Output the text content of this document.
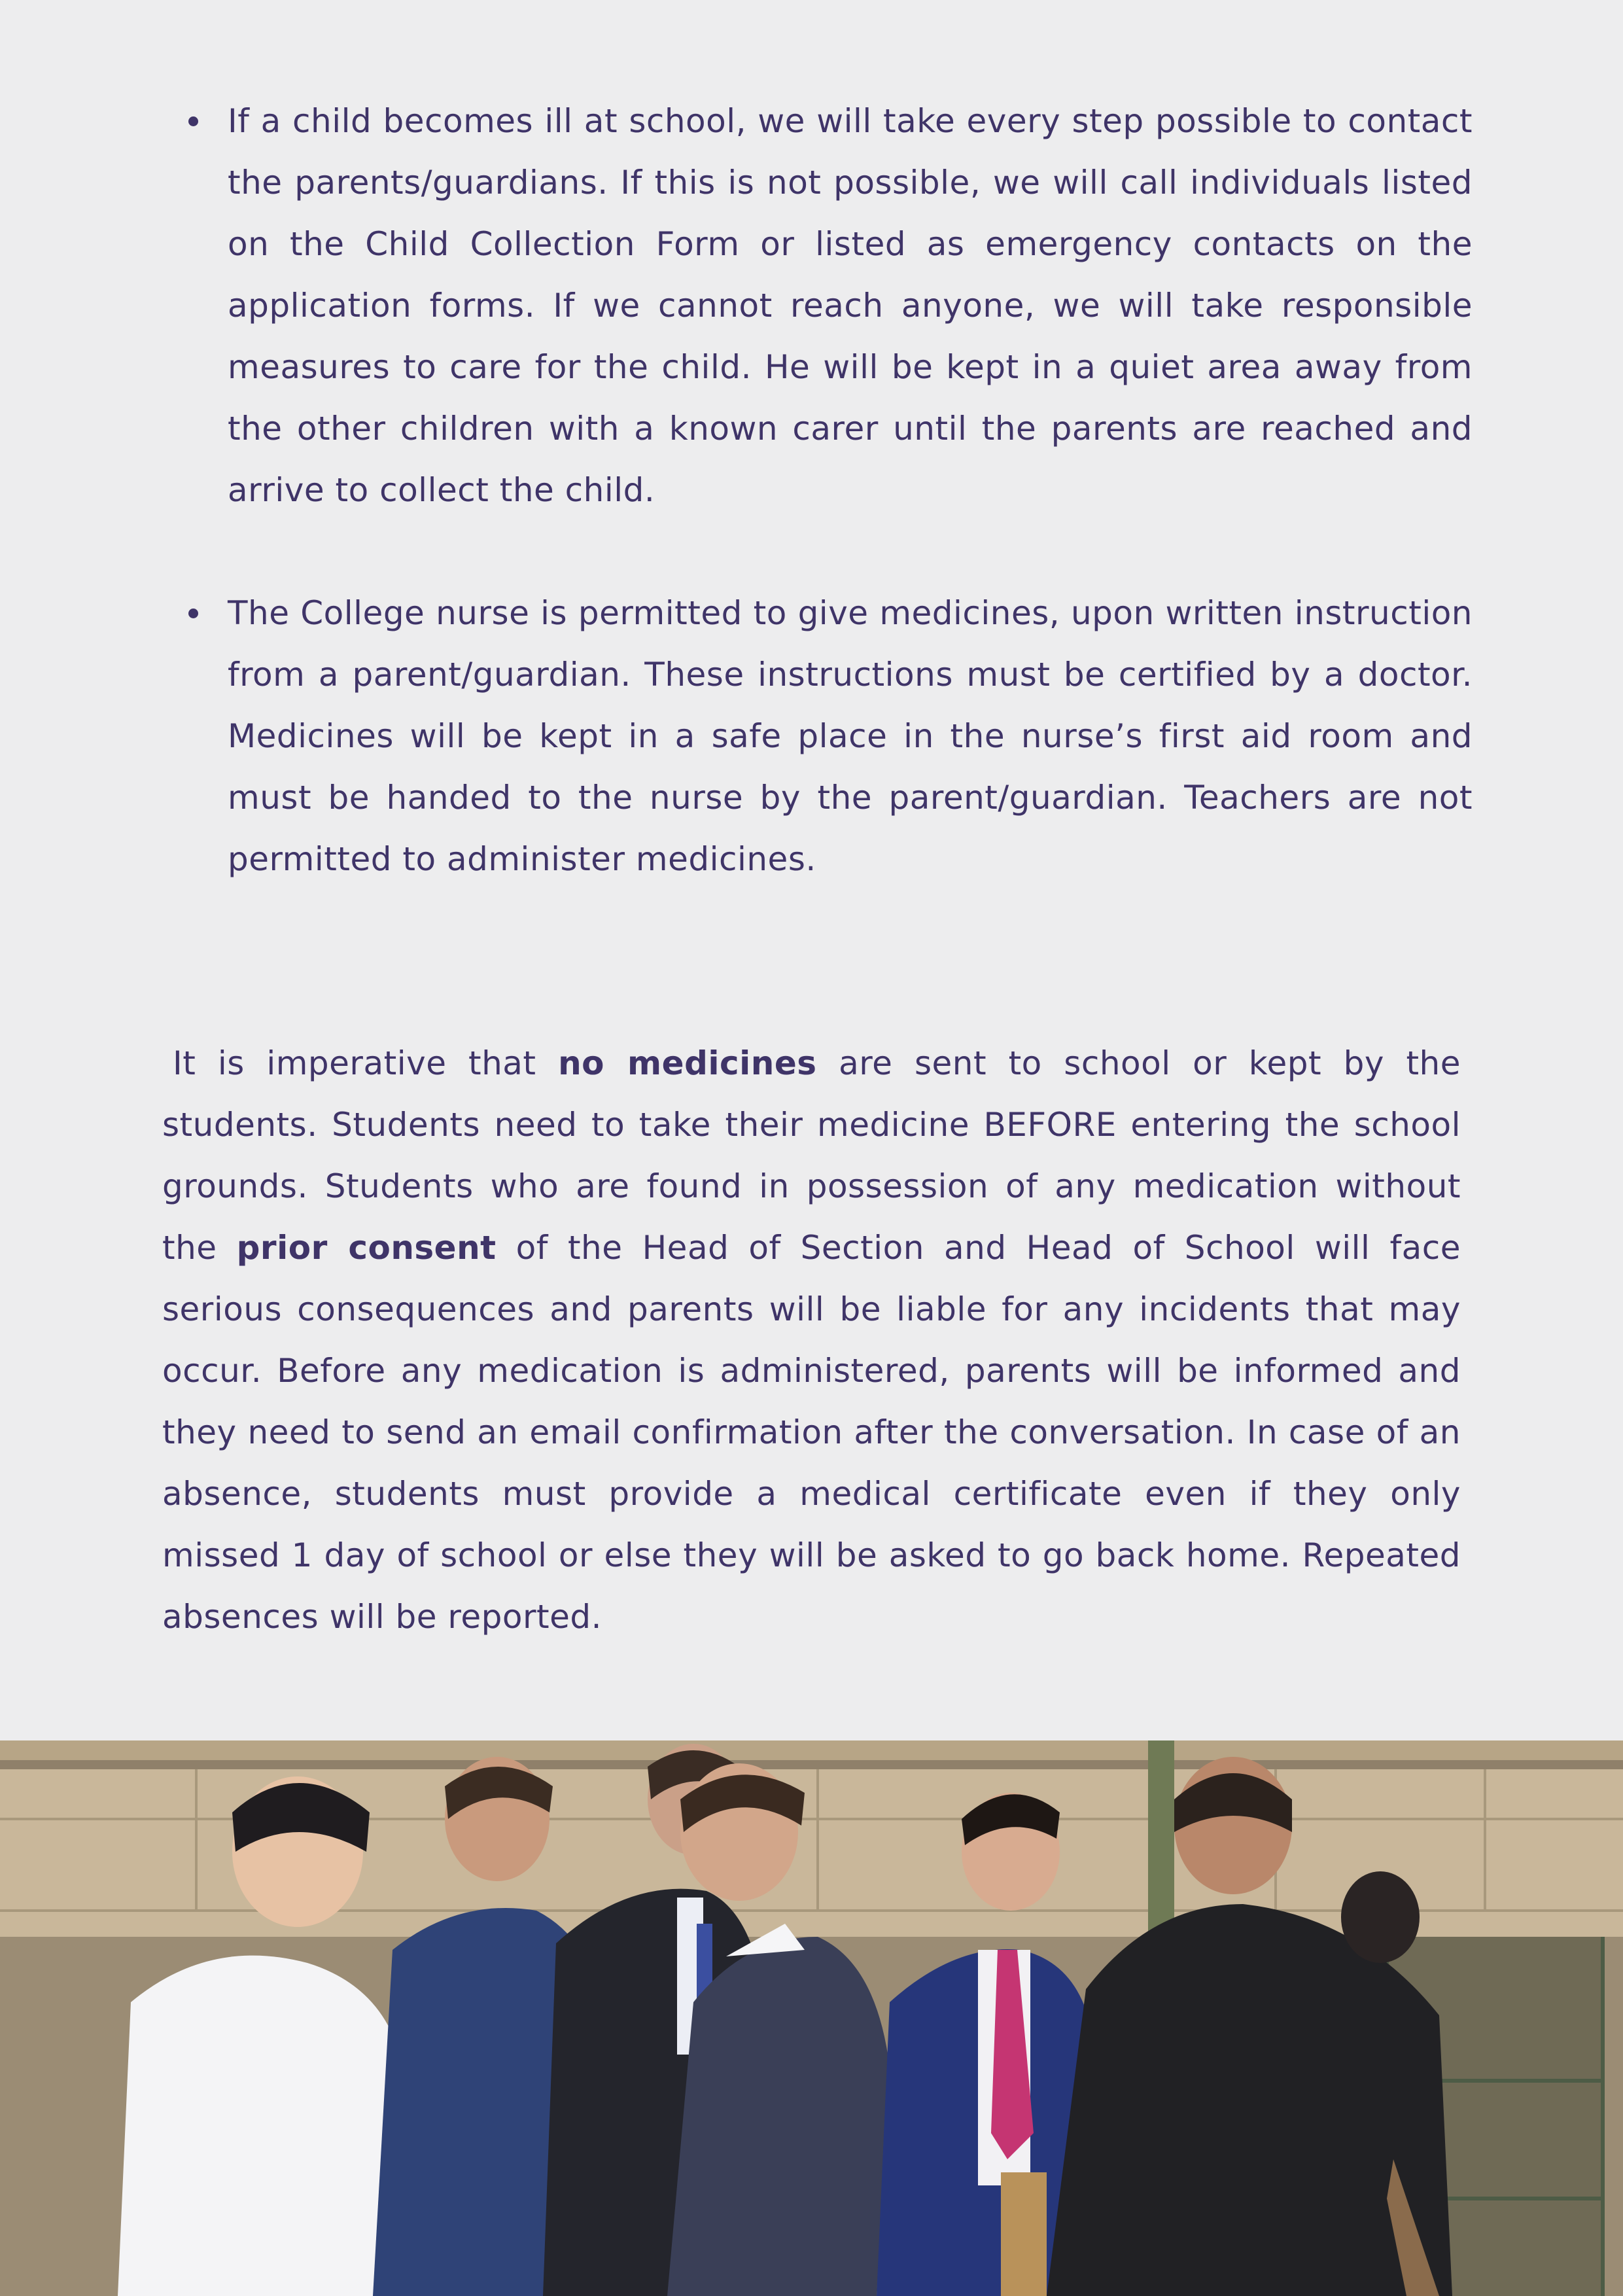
If a child becomes ill at school, we will take every step possible to contact the parents/guardians. If this is not possible, we will call individuals listed on the Child Collection Form or listed as emergency contacts on the application forms. If we cannot reach anyone, we will take responsible measures to care for the child. He will be kept in a quiet area away from the other children with a known carer until the parents are reached and arrive to collect the child.
The College nurse is permitted to give medicines, upon written instruction from a parent/guardian. These instructions must be certified by a doctor. Medicines will be kept in a safe place in the nurse’s first aid room and must be handed to the nurse by the parent/guardian. Teachers are not permitted to administer medicines.

It is imperative that no medicines are sent to school or kept by the students. Students need to take their medicine BEFORE entering the school grounds. Students who are found in possession of any medication without the prior consent of the Head of Section and Head of School will face serious consequences and parents will be liable for any incidents that may occur. Before any medication is administered, parents will be informed and they need to send an email confirmation after the conversation. In case of an absence, students must provide a medical certificate even if they only missed 1 day of school or else they will be asked to go back home. Repeated absences will be reported.
